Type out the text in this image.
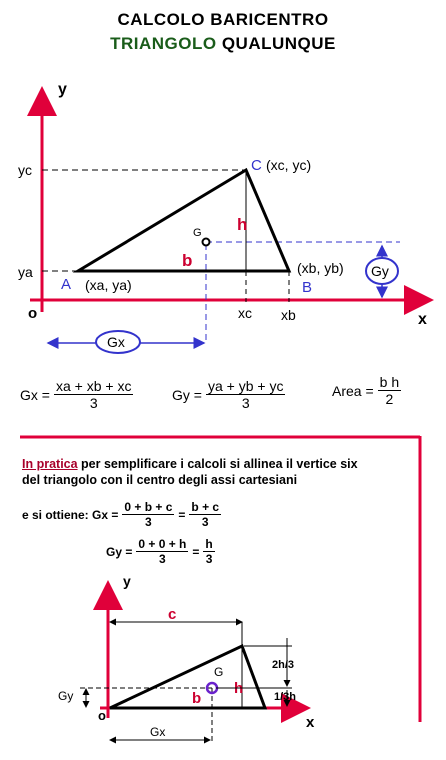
CALCOLO BARICENTRO
TRIANGOLO QUALUNQUE
y
x
o
G
yc
ya
xc xb
C (xc, yc)
A (xa, ya)	B
(xb, yb)
h
b
Gx
Gy
y
x
o
c
Gy
Gx
G
b
h
2h/3
1/3h
$Gx = \frac{xa + xb + xc}{3}$	$Gy = \frac{ya + yb + yc}{3}$	Area = $\frac{\text{b h}}{2}$
In pratica per semplificare i calcoli si allinea il vertice six
del triangolo con il centro degli assi cartesiani
e si ottiene: $Gx = \frac{0 + b + c}{3} = \frac{b + c}{3}$
$Gy = \frac{0 + 0 + h}{3} = \frac{h}{3}$
